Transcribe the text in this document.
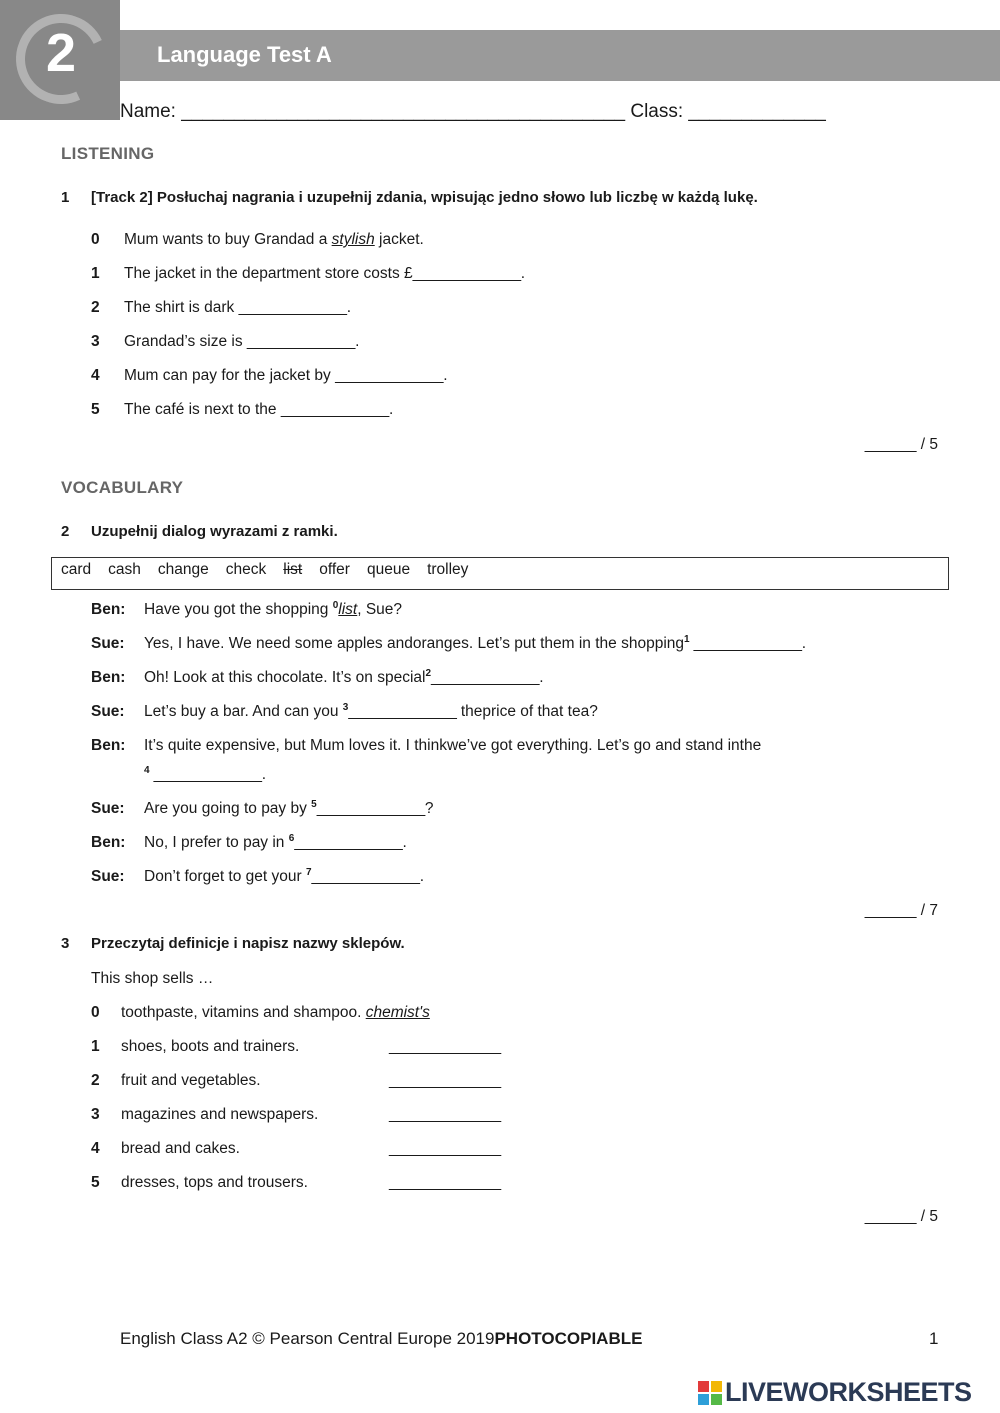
2	Language Test A
Name: __________________________________________ Class: _____________
LISTENING
1 [Track 2] Posłuchaj nagrania i uzupełnij zdania, wpisując jedno słowo lub liczbę w każdą lukę.
0 Mum wants to buy Grandad a stylish jacket.
1 The jacket in the department store costs £_____________.
2 The shirt is dark _____________.
3 Grandad’s size is _____________.
4 Mum can pay for the jacket by _____________.
5 The café is next to the _____________.
______ / 5
VOCABULARY
2 Uzupełnij dialog wyrazami z ramki.
card cash change check list offer queue trolley
Ben: Have you got the shopping $^0$list, Sue?
Sue: Yes, I have. We need some apples andoranges. Let’s put them in the shopping$^1$ _____________.
Ben: Oh! Look at this chocolate. It’s on special$^2$_____________.
Sue: Let’s buy a bar. And can you $^3$_____________ theprice of that tea?
Ben: It’s quite expensive, but Mum loves it. I thinkwe’ve got everything. Let’s go and stand inthe
$^4$ _____________.
Sue: Are you going to pay by $^5$_____________?
Ben: No, I prefer to pay in $^6$_____________.
Sue: Don’t forget to get your $^7$_____________.
______ / 7
3 Przeczytaj definicje i napisz nazwy sklepów.
This shop sells …
0 toothpaste, vitamins and shampoo. chemist's
1 shoes, boots and trainers.	_____________
2 fruit and vegetables.	_____________
3 magazines and newspapers.	_____________
4 bread and cakes.	_____________
5 dresses, tops and trousers.	_____________
______ / 5
English Class A2 © Pearson Central Europe 2019PHOTOCOPIABLE	1
LIVEWORKSHEETS
